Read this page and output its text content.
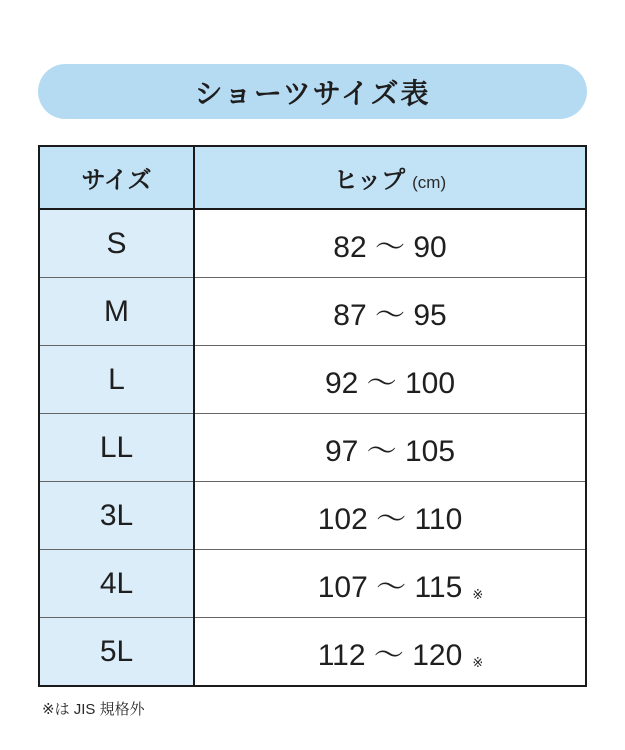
ショーツサイズ表
サイズ	ヒップ (cm)
S	82 〜 90

M	87 〜 95

L	92 〜 100

LL	97 〜 105

3L	102 〜 110

4L	107 〜 115 ※

5L	112 〜 120 ※
※は JIS 規格外
